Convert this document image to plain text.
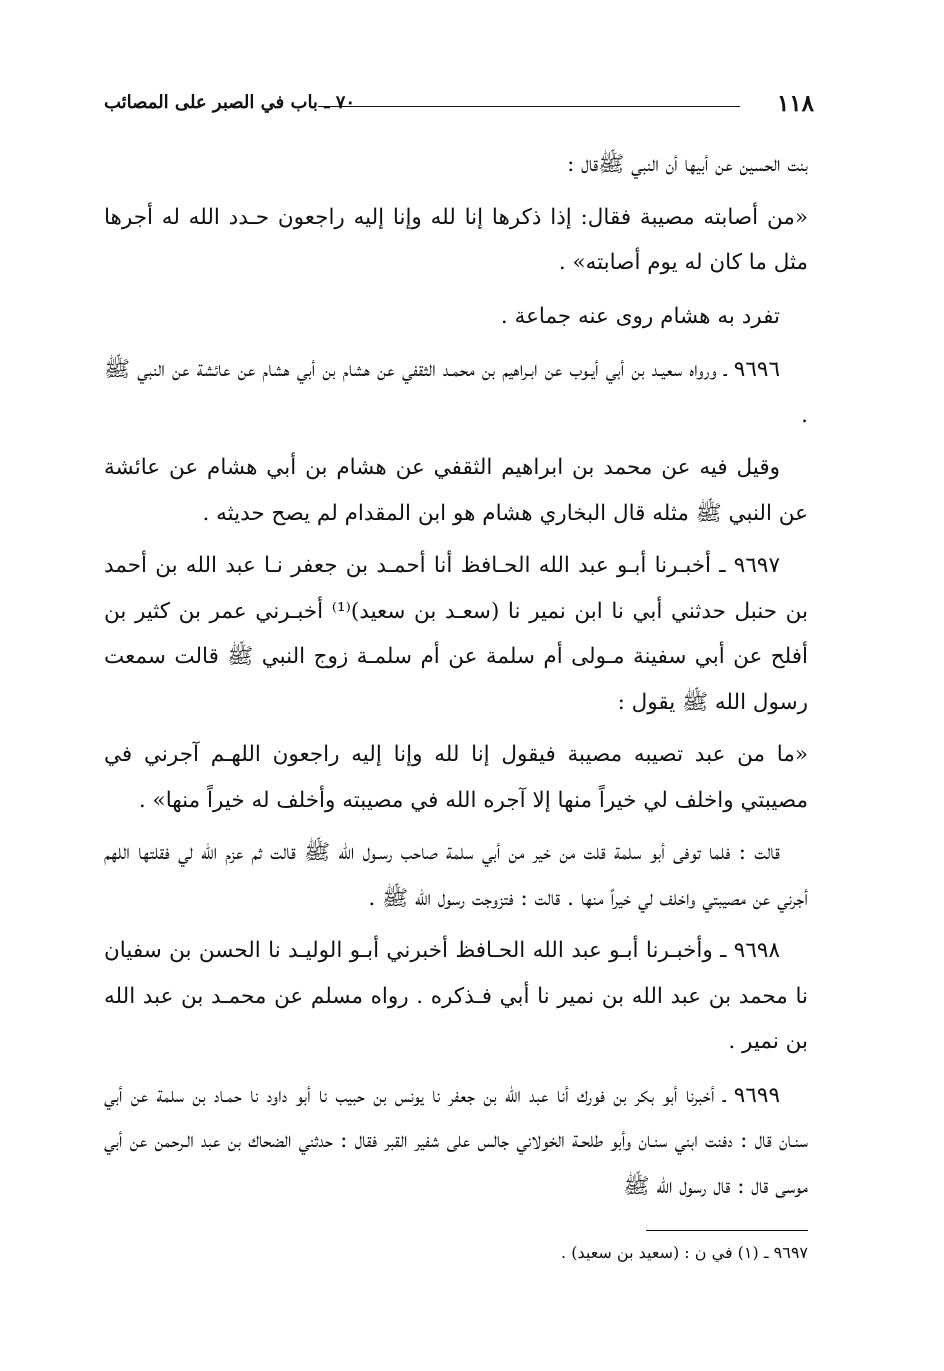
١١٨
٧٠ ـ باب في الصبر على المصائب

بنت الحسين عن أبيها أن النبي ﷺقال :

«من أصابته مصيبة فقال: إذا ذكرها إنا لله وإنا إليه راجعون حـدد الله له أجرها مثل ما كان له يوم أصابته» .

تفرد به هشام روى عنه جماعة .

٩٦٩٦ ـ ورواه سعيـد بن أبي أيـوب عن ابـراهيم بن محمـد الثقفي عن هشام بن أبي هشام عن عائشة عن النبي ﷺ .

وقيل فيه عن محمد بن ابراهيم الثقفي عن هشام بن أبي هشام عن عائشة عن النبي ﷺ مثله قال البخاري هشام هو ابن المقدام لم يصح حديثه .

٩٦٩٧ ـ أخبـرنا أبـو عبد الله الحـافظ أنا أحمـد بن جعفر نـا عبد الله بن أحمد بن حنبل حدثني أبي نا ابن نمير نا (سعـد بن سعيد)⁽¹⁾ أخبـرني عمر بن كثير بن أفلح عن أبي سفينة مـولى أم سلمة عن أم سلمـة زوج النبي ﷺ قالت سمعت رسول الله ﷺ يقول :

«ما من عبد تصيبه مصيبة فيقول إنا لله وإنا إليه راجعون اللهـم آجرني في مصيبتي واخلف لي خيراً منها إلا آجره الله في مصيبته وأخلف له خيراً منها» .

قالت : فلما توفى أبو سلمة قلت من خير من أبي سلمة صاحب رسـول الله ﷺ قالت ثم عزم الله لي فقلتها اللهم أجرني عن مصيبتي واخلف لي خيراً منها . قالت : فتزوجت رسول الله ﷺ .

٩٦٩٨ ـ وأخبـرنا أبـو عبد الله الحـافظ أخبرني أبـو الوليـد نا الحسن بن سفيان نا محمد بن عبد الله بن نمير نا أبي فـذكره . رواه مسلم عن محمـد بن عبد الله بن نمير .

٩٦٩٩ ـ أخبرنا أبو بكر بن فورك أنا عبد الله بن جعفر نا يونس بن حبيب نا أبو داود نا حمـاد بن سلمة عن أبي سنـان قال : دفنت ابني سنـان وأبو طلحـة الخولاني جالس على شفير القبر فقال : حدثني الضحاك بن عبد الـرحمن عن أبي موسى قال : قال رسول الله ﷺ

٩٦٩٧ ـ (١) في ن : (سعيد بن سعيد) .
